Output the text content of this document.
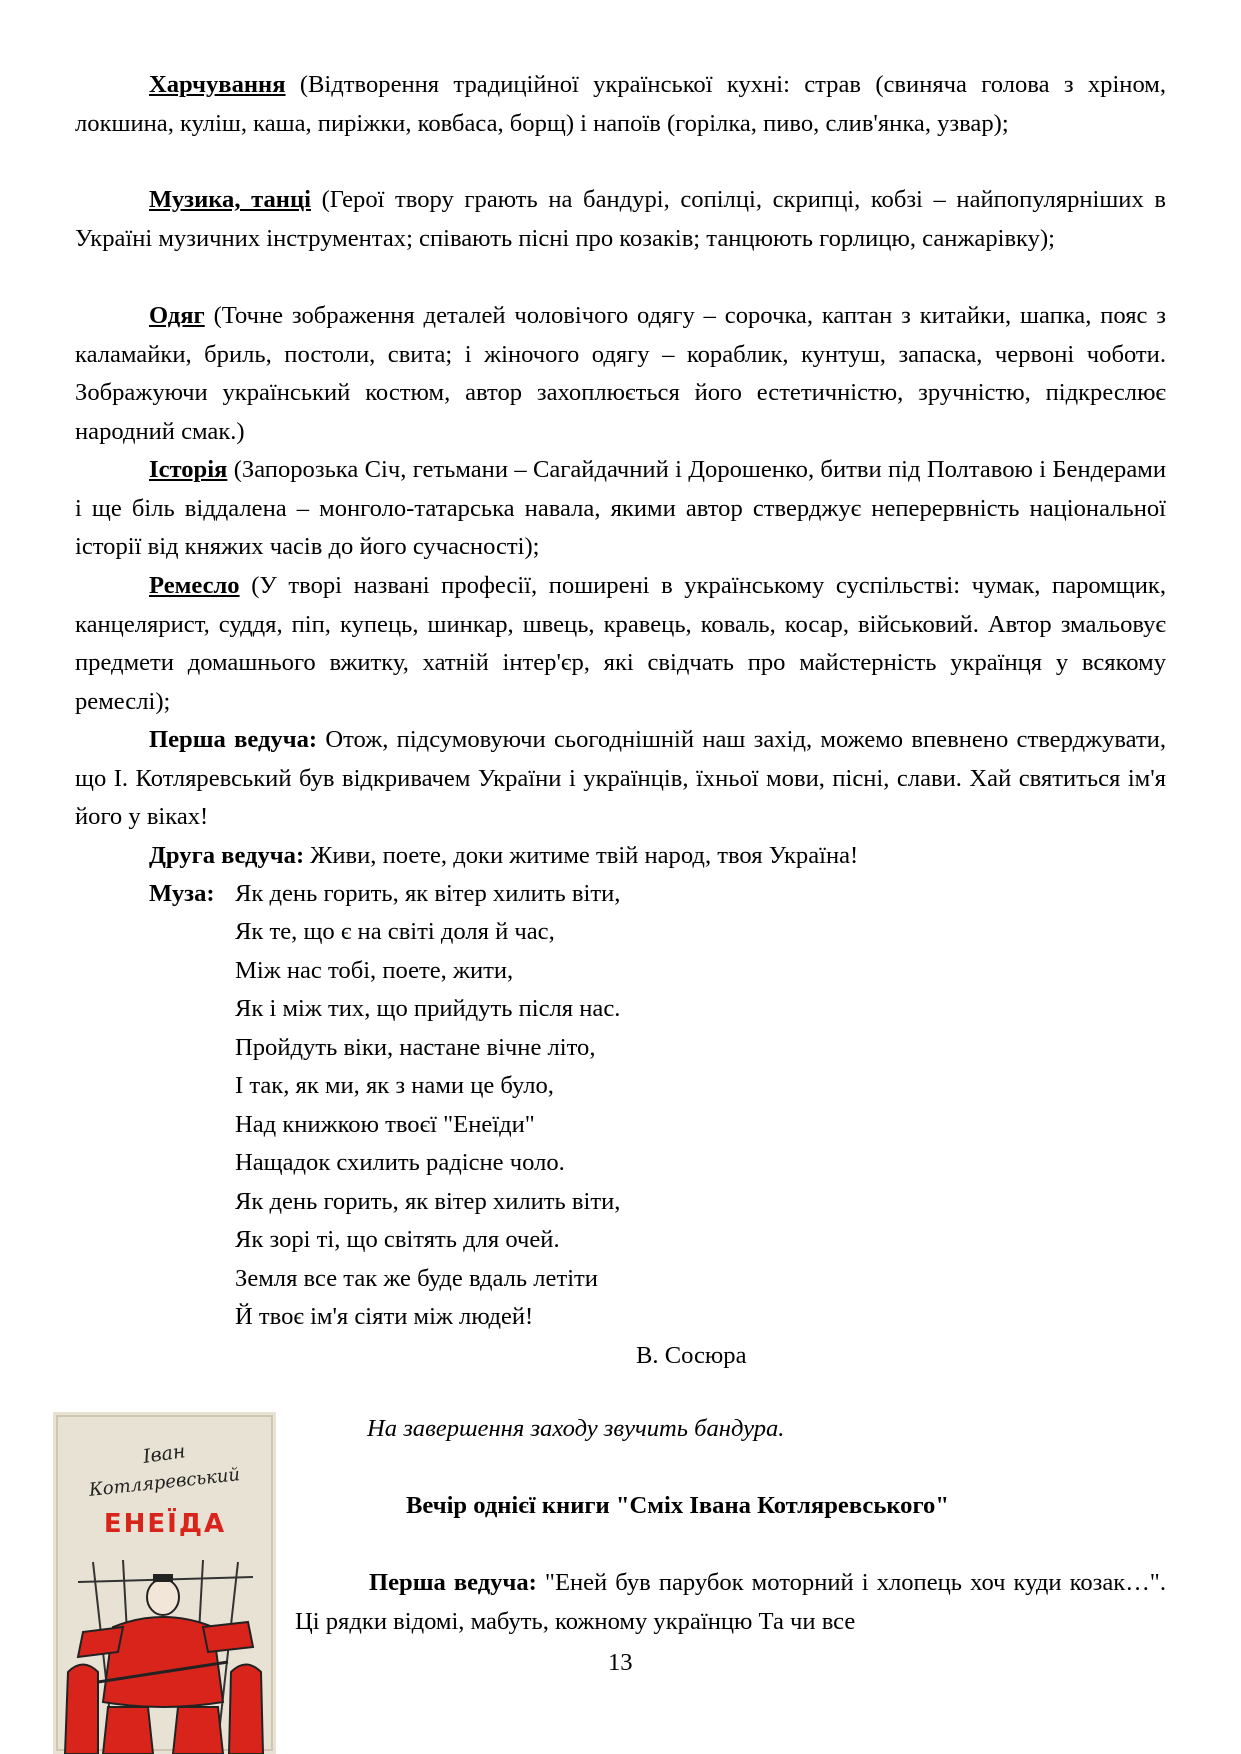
Харчування (Відтворення традиційної української кухні: страв (свиняча голова з хріном, локшина, куліш, каша, пиріжки, ковбаса, борщ) і напоїв (горілка, пиво, слив'янка, узвар);

Музика, танці (Герої твору грають на бандурі, сопілці, скрипці, кобзі – найпопулярніших в Україні музичних інструментах; співають пісні про козаків; танцюють горлицю, санжарівку);

Одяг (Точне зображення деталей чоловічого одягу – сорочка, каптан з китайки, шапка, пояс з каламайки, бриль, постоли, свита; і жіночого одягу – кораблик, кунтуш, запаска, червоні чоботи. Зображуючи український костюм, автор захоплюється його естетичністю, зручністю, підкреслює народний смак.)

Історія (Запорозька Січ, гетьмани – Сагайдачний і Дорошенко, битви під Полтавою і Бендерами і ще біль віддалена – монголо-татарська навала, якими автор стверджує неперервність національної історії від княжих часів до його сучасності);

Ремесло (У творі названі професії, поширені в українському суспільстві: чумак, паромщик, канцелярист, суддя, піп, купець, шинкар, швець, кравець, коваль, косар, військовий. Автор змальовує предмети домашнього вжитку, хатній інтер'єр, які свідчать про майстерність українця у всякому ремеслі);

Перша ведуча: Отож, підсумовуючи сьогоднішній наш захід, можемо впевнено стверджувати, що І. Котляревський був відкривачем України і українців, їхньої мови, пісні, слави. Хай святиться ім'я його у віках!

Друга ведуча: Живи, поете, доки житиме твій народ, твоя Україна!

Муза: Як день горить, як вітер хилить віти,
Як те, що є на світі доля й час,
Між нас тобі, поете, жити,
Як і між тих, що прийдуть після нас.
Пройдуть віки, настане вічне літо,
І так, як ми, як з нами це було,
Над книжкою твоєї "Енеїди"
Нащадок схилить радісне чоло.
Як день горить, як вітер хилить віти,
Як зорі ті, що світять для очей.
Земля все так же буде вдаль летіти
Й твоє ім'я сіяти між людей!
В. Сосюра
Іван
Котляревський
ЕНЕЇДА
На завершення заходу звучить бандура.
Вечір однієї книги "Сміх Івана Котляревського"

Перша ведуча: "Еней був парубок моторний і хлопець хоч куди козак…". Ці рядки відомі, мабуть, кожному українцю Та чи все

13
